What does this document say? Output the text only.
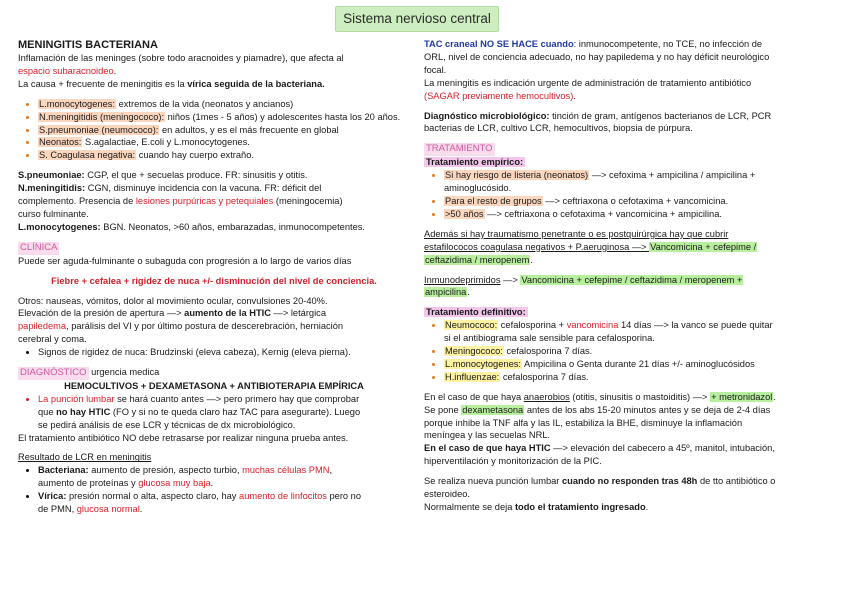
Sistema nervioso central
MENINGITIS BACTERIANA

Inflamación de las meninges (sobre todo aracnoides y piamadre), que afecta al
espacio subaracnoideo.

La causa + frecuente de meningitis es la vírica seguida de la bacteriana.

• L.monocytogenes: extremos de la vida (neonatos y ancianos)
• N.meningitidis (meningococo): niños (1mes - 5 años) y adolescentes hasta los 20 años.
• S.pneumoniae (neumococo): en adultos, y es el más frecuente en global
• Neonatos: S.agalactiae, E.coli y L.monocytogenes.
• S. Coagulasa negativa: cuando hay cuerpo extraño.

S.pneumoniae: CGP, el que + secuelas produce. FR: sinusitis y otitis.

N.meningitidis: CGN, disminuye incidencia con la vacuna. FR: déficit del
complemento. Presencia de lesiones purpúricas y petequiales (meningocemia)
curso fulminante.

L.monocytogenes: BGN. Neonatos, >60 años, embarazadas, inmunocompetentes.

CLÍNICA

Puede ser aguda-fulminante o subaguda con progresión a lo largo de varios días

Fiebre + cefalea + rigidez de nuca +/- disminución del nivel de conciencia.

Otros: nauseas, vómitos, dolor al movimiento ocular, convulsiones 20-40%.
Elevación de la presión de apertura —> aumento de la HTIC —> letárgica
papiledema, parálisis del VI y por último postura de descerebración, herniación
cerebral y coma.

• Signos de rigidez de nuca: Brudzinski (eleva cabeza), Kernig (eleva pierna).

DIAGNÓSTICO urgencia medica

HEMOCULTIVOS + DEXAMETASONA + ANTIBIOTERAPIA EMPÍRICA

• La punción lumbar se hará cuanto antes —> pero primero hay que comprobar
que no hay HTIC (FO y si no te queda claro haz TAC para asegurarte). Luego
se pedirá análisis de ese LCR y técnicas de dx microbiológico.

El tratamiento antibiótico NO debe retrasarse por realizar ninguna prueba antes.

Resultado de LCR en meningitis

• Bacteriana: aumento de presión, aspecto turbio, muchas células PMN,
aumento de proteínas y glucosa muy baja.
• Vírica: presión normal o alta, aspecto claro, hay aumento de linfocitos pero no
de PMN, glucosa normal.

TAC craneal NO SE HACE cuando: inmunocompetente, no TCE, no infección de
ORL, nivel de conciencia adecuado, no hay papiledema y no hay déficit neurológico
focal.

La meningitis es indicación urgente de administración de tratamiento antibiótico
(SAGAR previamente hemocultivos).

Diagnóstico microbiológico: tinción de gram, antígenos bacterianos de LCR, PCR
bacterias de LCR, cultivo LCR, hemocultivos, biopsia de púrpura.

TRATAMIENTO

Tratamiento empírico:

• Si hay riesgo de listeria (neonatos) —> cefoxima + ampicilina / ampicilina +
aminoglucósido.
• Para el resto de grupos —> ceftriaxona o cefotaxima + vancomicina.
• >50 años —> ceftriaxona o cefotaxima + vancomicina + ampicilina.

Además si hay traumatismo penetrante o es postquirúrgica hay que cubrir
estafilococos coagulasa negativos + P.aeruginosa —> Vancomicina + cefepime /
ceftazidima / meropenem.

Inmunodeprimidos —> Vancomicina + cefepime / ceftazidima / meropenem +
ampicilina.

Tratamiento definitivo:

• Neumococo: cefalosporina + vancomicina 14 días —> la vanco se puede quitar
si el antibiograma sale sensible para cefalosporina.
• Meningococo: cefalosporina 7 días.
• L.monocytogenes: Ampicilina o Genta durante 21 días +/- aminoglucósidos
• H.influenzae: cefalosporina 7 días.

En el caso de que haya anaerobios (otitis, sinusitis o mastoiditis) —> + metronidazol.

Se pone dexametasona antes de los abs 15-20 minutos antes y se deja de 2-4 días
porque inhibe la TNF alfa y las IL, estabiliza la BHE, disminuye la inflamación
meníngea y las secuelas NRL.

En el caso de que haya HTIC —> elevación del cabecero a 45º, manitol, intubación,
hiperventilación y monitorización de la PIC.

Se realiza nueva punción lumbar cuando no responden tras 48h de tto antibiótico o
esteroideo.

Normalmente se deja todo el tratamiento ingresado.
